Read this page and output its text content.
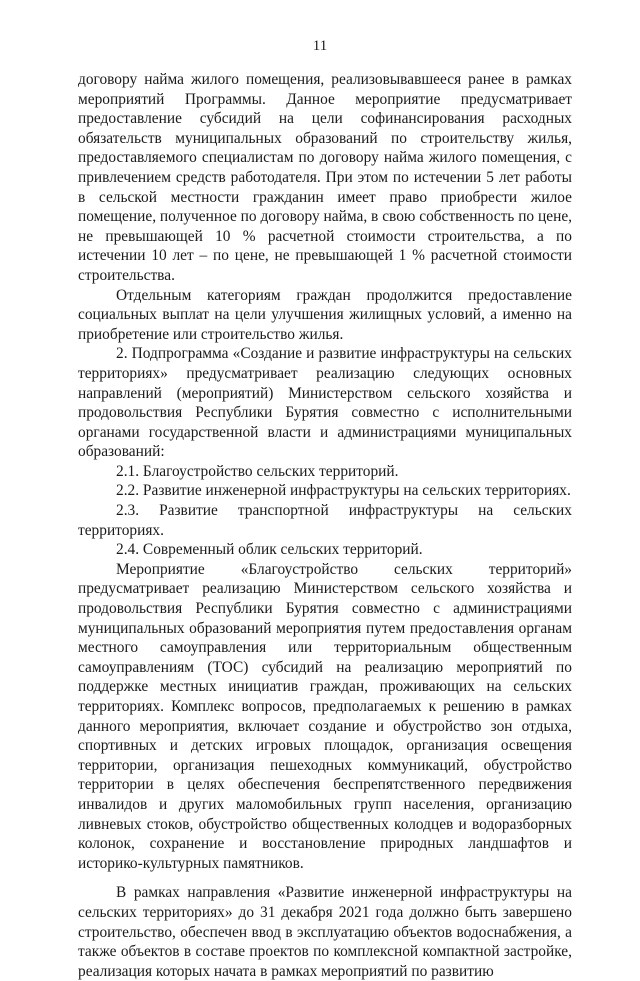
11

договору найма жилого помещения, реализовывавшееся ранее в рамках мероприятий Программы. Данное мероприятие предусматривает предоставление субсидий на цели софинансирования расходных обязательств муниципальных образований по строительству жилья, предоставляемого специалистам по договору найма жилого помещения, с привлечением средств работодателя. При этом по истечении 5 лет работы в сельской местности гражданин имеет право приобрести жилое помещение, полученное по договору найма, в свою собственность по цене, не превышающей 10 % расчетной стоимости строительства, а по истечении 10 лет – по цене, не превышающей 1 % расчетной стоимости строительства.

Отдельным категориям граждан продолжится предоставление социальных выплат на цели улучшения жилищных условий, а именно на приобретение или строительство жилья.

2. Подпрограмма «Создание и развитие инфраструктуры на сельских территориях» предусматривает реализацию следующих основных направлений (мероприятий) Министерством сельского хозяйства и продовольствия Республики Бурятия совместно с исполнительными органами государственной власти и администрациями муниципальных образований:

2.1. Благоустройство сельских территорий.

2.2. Развитие инженерной инфраструктуры на сельских территориях.

2.3. Развитие транспортной инфраструктуры на сельских территориях.

2.4. Современный облик сельских территорий.

Мероприятие «Благоустройство сельских территорий» предусматривает реализацию Министерством сельского хозяйства и продовольствия Республики Бурятия совместно с администрациями муниципальных образований мероприятия путем предоставления органам местного самоуправления или территориальным общественным самоуправлениям (ТОС) субсидий на реализацию мероприятий по поддержке местных инициатив граждан, проживающих на сельских территориях. Комплекс вопросов, предполагаемых к решению в рамках данного мероприятия, включает создание и обустройство зон отдыха, спортивных и детских игровых площадок, организация освещения территории, организация пешеходных коммуникаций, обустройство территории в целях обеспечения беспрепятственного передвижения инвалидов и других маломобильных групп населения, организацию ливневых стоков, обустройство общественных колодцев и водоразборных колонок, сохранение и восстановление природных ландшафтов и историко-культурных памятников.

В рамках направления «Развитие инженерной инфраструктуры на сельских территориях» до 31 декабря 2021 года должно быть завершено строительство, обеспечен ввод в эксплуатацию объектов водоснабжения, а также объектов в составе проектов по комплексной компактной застройке, реализация которых начата в рамках мероприятий по развитию
